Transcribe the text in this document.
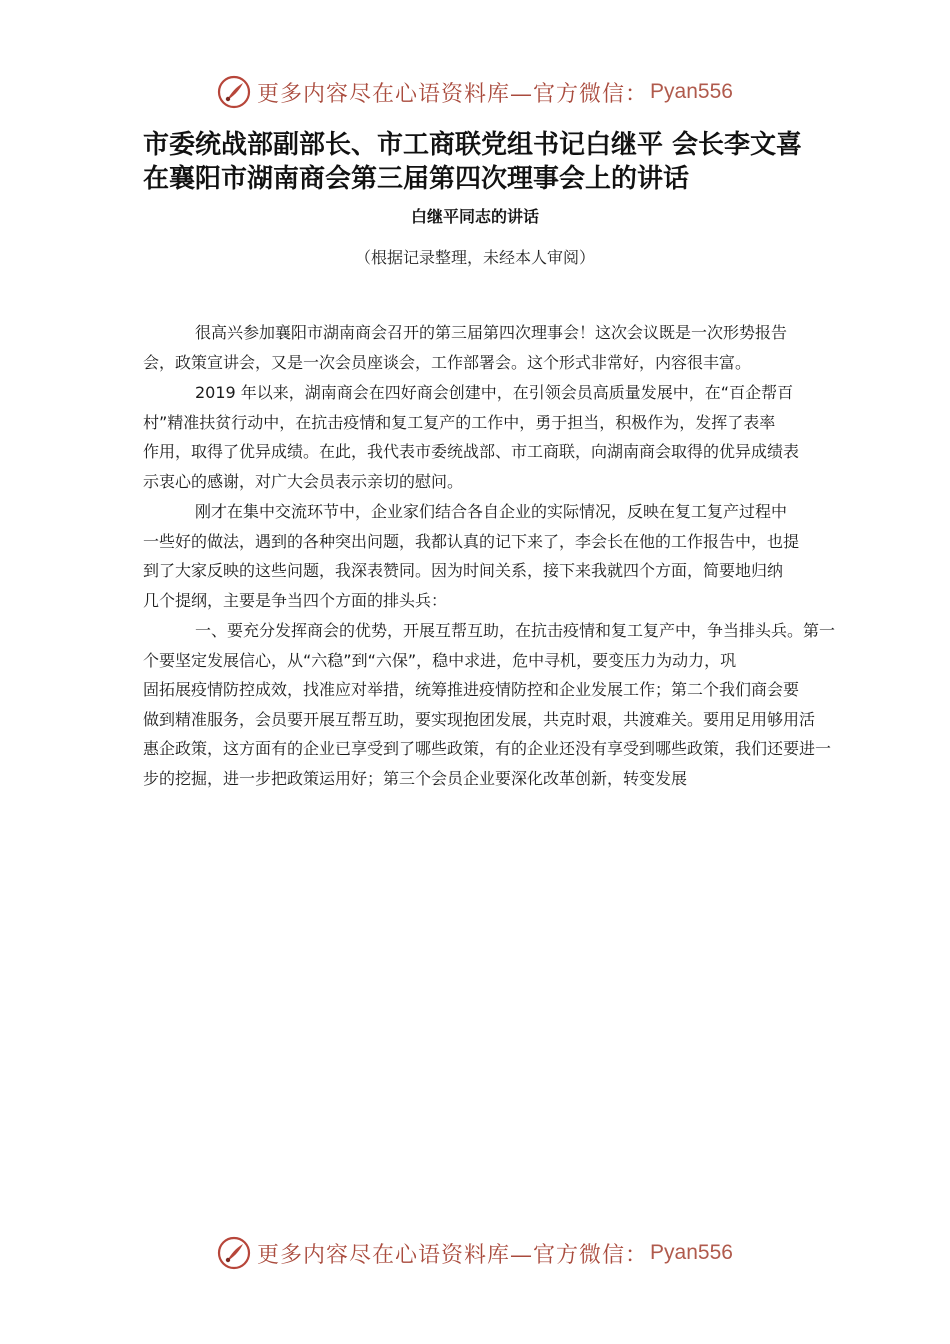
更多内容尽在心语资料库—官方微信： Pyan556
市委统战部副部长、市工商联党组书记白继平 会长李文喜
在襄阳市湖南商会第三届第四次理事会上的讲话
白继平同志的讲话
（根据记录整理，未经本人审阅）

很高兴参加襄阳市湖南商会召开的第三届第四次理事会！这次会议既是一次形势报告
会，政策宣讲会，又是一次会员座谈会，工作部署会。这个形式非常好，内容很丰富。

2019 年以来，湖南商会在四好商会创建中，在引领会员高质量发展中，在“百企帮百
村”精准扶贫行动中，在抗击疫情和复工复产的工作中，勇于担当，积极作为，发挥了表率
作用，取得了优异成绩。在此，我代表市委统战部、市工商联，向湖南商会取得的优异成绩表
示衷心的感谢，对广大会员表示亲切的慰问。

刚才在集中交流环节中，企业家们结合各自企业的实际情况，反映在复工复产过程中
一些好的做法，遇到的各种突出问题，我都认真的记下来了，李会长在他的工作报告中，也提
到了大家反映的这些问题，我深表赞同。因为时间关系，接下来我就四个方面，简要地归纳
几个提纲，主要是争当四个方面的排头兵：

一、要充分发挥商会的优势，开展互帮互助，在抗击疫情和复工复产中，争当排头兵。第一
个要坚定发展信心，从“六稳”到“六保”，稳中求进，危中寻机，要变压力为动力，巩
固拓展疫情防控成效，找准应对举措，统筹推进疫情防控和企业发展工作；第二个我们商会要
做到精准服务，会员要开展互帮互助，要实现抱团发展，共克时艰，共渡难关。要用足用够用活
惠企政策，这方面有的企业已享受到了哪些政策，有的企业还没有享受到哪些政策，我们还要进一
步的挖掘，进一步把政策运用好；第三个会员企业要深化改革创新，转变发展

更多内容尽在心语资料库—官方微信： Pyan556
